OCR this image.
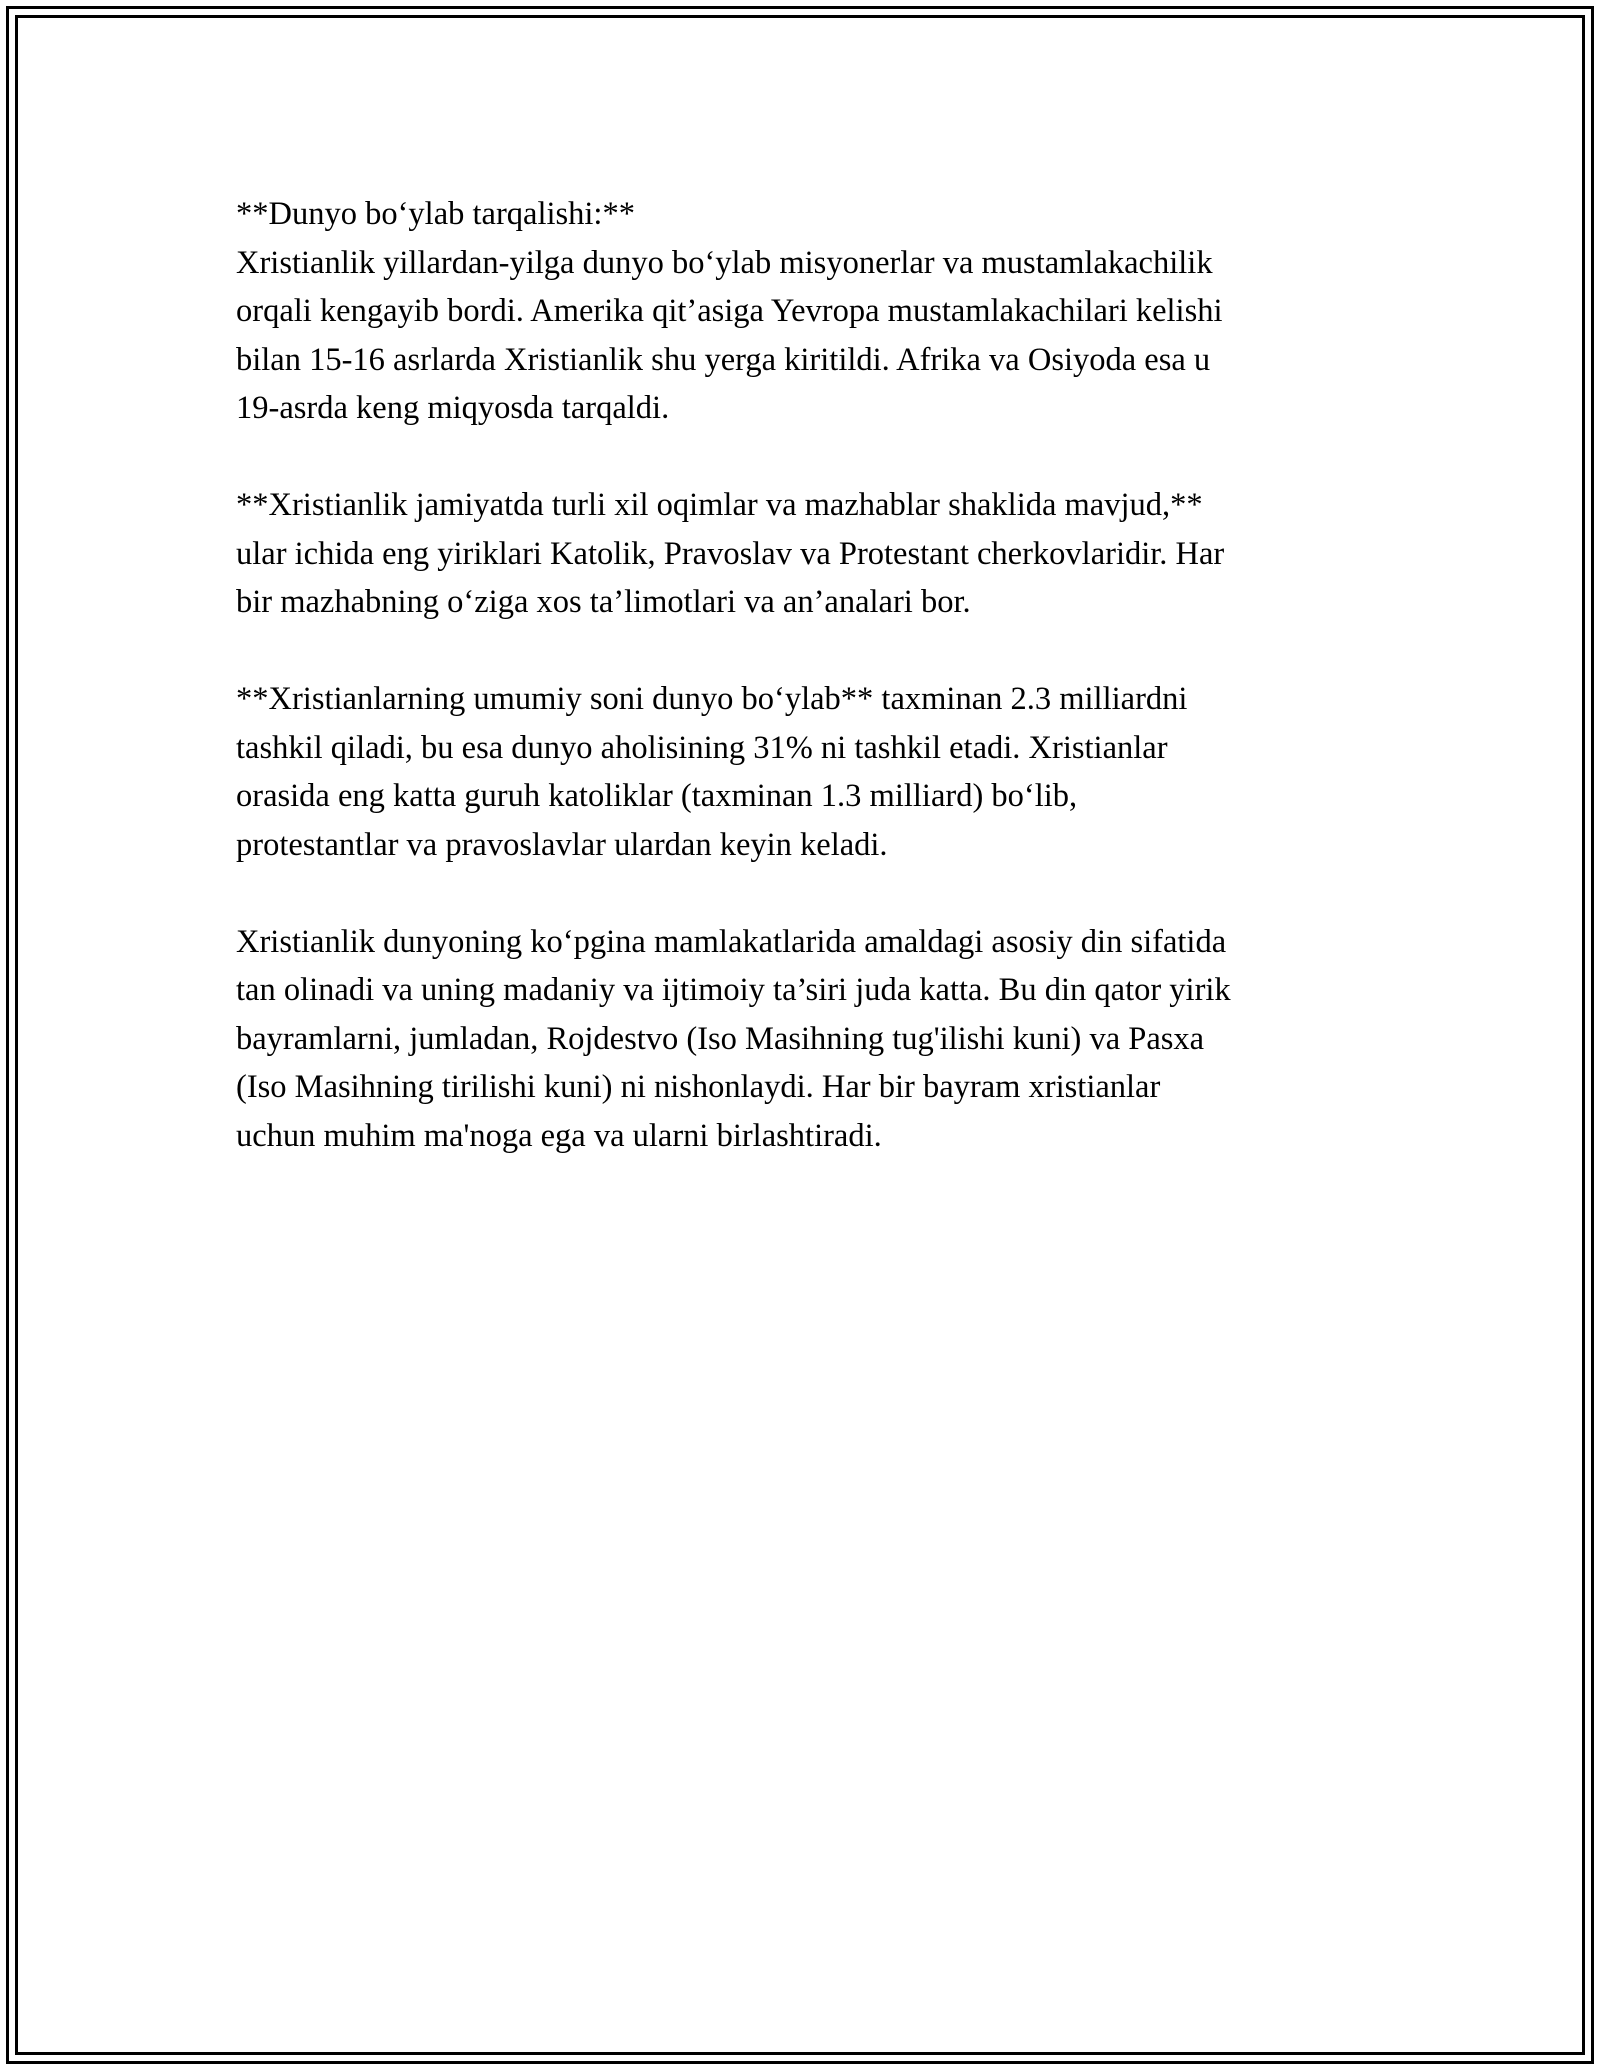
**Dunyo bo‘ylab tarqalishi:**
Xristianlik yillardan-yilga dunyo bo‘ylab misyonerlar va mustamlakachilik
orqali kengayib bordi. Amerika qit’asiga Yevropa mustamlakachilari kelishi
bilan 15-16 asrlarda Xristianlik shu yerga kiritildi. Afrika va Osiyoda esa u
19-asrda keng miqyosda tarqaldi.

**Xristianlik jamiyatda turli xil oqimlar va mazhablar shaklida mavjud,**
ular ichida eng yiriklari Katolik, Pravoslav va Protestant cherkovlaridir. Har
bir mazhabning o‘ziga xos ta’limotlari va an’analari bor.

**Xristianlarning umumiy soni dunyo bo‘ylab** taxminan 2.3 milliardni
tashkil qiladi, bu esa dunyo aholisining 31% ni tashkil etadi. Xristianlar
orasida eng katta guruh katoliklar (taxminan 1.3 milliard) bo‘lib,
protestantlar va pravoslavlar ulardan keyin keladi.

Xristianlik dunyoning ko‘pgina mamlakatlarida amaldagi asosiy din sifatida
tan olinadi va uning madaniy va ijtimoiy ta’siri juda katta. Bu din qator yirik
bayramlarni, jumladan, Rojdestvo (Iso Masihning tug'ilishi kuni) va Pasxa
(Iso Masihning tirilishi kuni) ni nishonlaydi. Har bir bayram xristianlar
uchun muhim ma'noga ega va ularni birlashtiradi.
